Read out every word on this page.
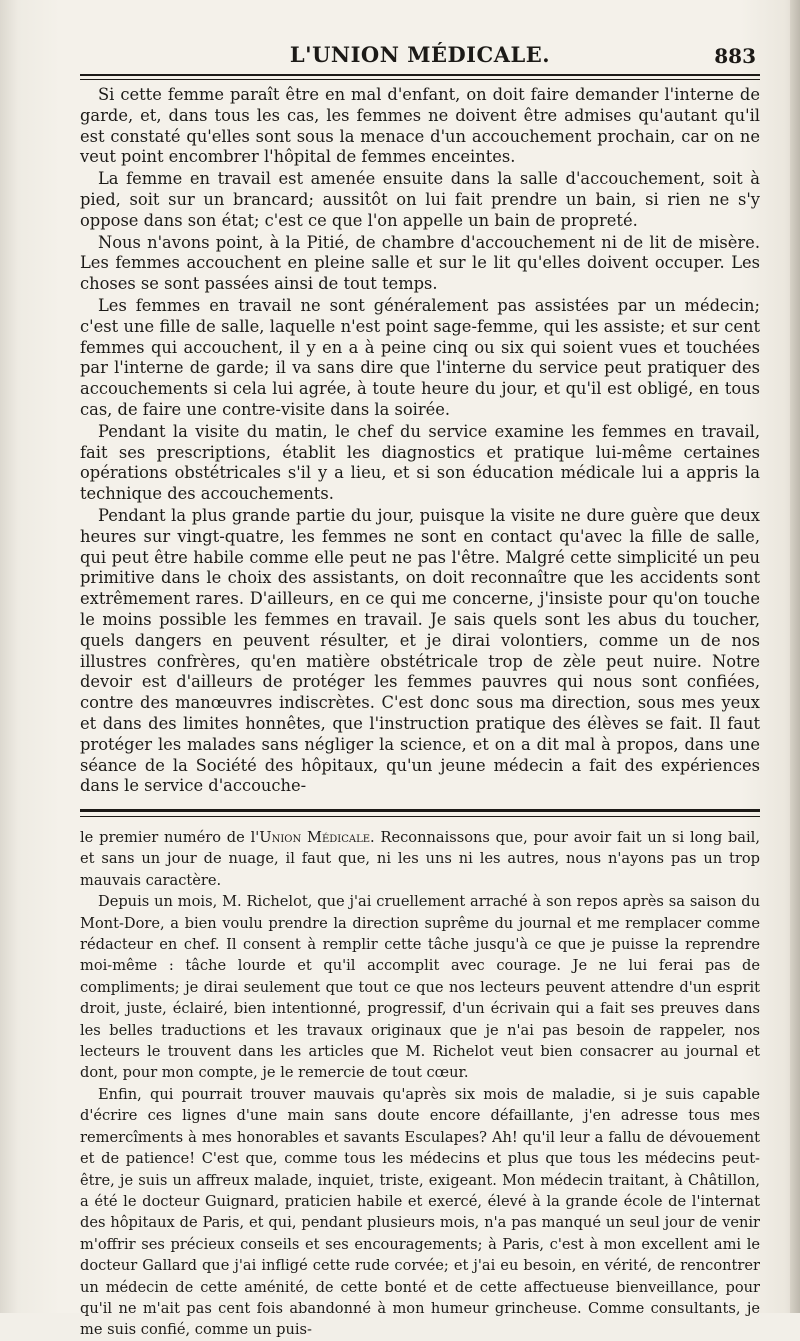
L'UNION MÉDICALE.	883

Si cette femme paraît être en mal d'enfant, on doit faire demander l'interne de garde, et, dans tous les cas, les femmes ne doivent être admises qu'autant qu'il est constaté qu'elles sont sous la menace d'un accouchement prochain, car on ne veut point encombrer l'hôpital de femmes enceintes.

La femme en travail est amenée ensuite dans la salle d'accouchement, soit à pied, soit sur un brancard; aussitôt on lui fait prendre un bain, si rien ne s'y oppose dans son état; c'est ce que l'on appelle un bain de propreté.

Nous n'avons point, à la Pitié, de chambre d'accouchement ni de lit de misère. Les femmes accouchent en pleine salle et sur le lit qu'elles doivent occuper. Les choses se sont passées ainsi de tout temps.

Les femmes en travail ne sont généralement pas assistées par un médecin; c'est une fille de salle, laquelle n'est point sage-femme, qui les assiste; et sur cent femmes qui accouchent, il y en a à peine cinq ou six qui soient vues et touchées par l'interne de garde; il va sans dire que l'interne du service peut pratiquer des accouchements si cela lui agrée, à toute heure du jour, et qu'il est obligé, en tous cas, de faire une contre-visite dans la soirée.

Pendant la visite du matin, le chef du service examine les femmes en travail, fait ses prescriptions, établit les diagnostics et pratique lui-même certaines opérations obstétricales s'il y a lieu, et si son éducation médicale lui a appris la technique des accouchements.

Pendant la plus grande partie du jour, puisque la visite ne dure guère que deux heures sur vingt-quatre, les femmes ne sont en contact qu'avec la fille de salle, qui peut être habile comme elle peut ne pas l'être. Malgré cette simplicité un peu primitive dans le choix des assistants, on doit reconnaître que les accidents sont extrêmement rares. D'ailleurs, en ce qui me concerne, j'insiste pour qu'on touche le moins possible les femmes en travail. Je sais quels sont les abus du toucher, quels dangers en peuvent résulter, et je dirai volontiers, comme un de nos illustres confrères, qu'en matière obstétricale trop de zèle peut nuire. Notre devoir est d'ailleurs de protéger les femmes pauvres qui nous sont confiées, contre des manœuvres indiscrètes. C'est donc sous ma direction, sous mes yeux et dans des limites honnêtes, que l'instruction pratique des élèves se fait. Il faut protéger les malades sans négliger la science, et on a dit mal à propos, dans une séance de la Société des hôpitaux, qu'un jeune médecin a fait des expériences dans le service d'accouche-

le premier numéro de l'Union Médicale. Reconnaissons que, pour avoir fait un si long bail, et sans un jour de nuage, il faut que, ni les uns ni les autres, nous n'ayons pas un trop mauvais caractère.

Depuis un mois, M. Richelot, que j'ai cruellement arraché à son repos après sa saison du Mont-Dore, a bien voulu prendre la direction suprême du journal et me remplacer comme rédacteur en chef. Il consent à remplir cette tâche jusqu'à ce que je puisse la reprendre moi-même : tâche lourde et qu'il accomplit avec courage. Je ne lui ferai pas de compliments; je dirai seulement que tout ce que nos lecteurs peuvent attendre d'un esprit droit, juste, éclairé, bien intentionné, progressif, d'un écrivain qui a fait ses preuves dans les belles traductions et les travaux originaux que je n'ai pas besoin de rappeler, nos lecteurs le trouvent dans les articles que M. Richelot veut bien consacrer au journal et dont, pour mon compte, je le remercie de tout cœur.

Enfin, qui pourrait trouver mauvais qu'après six mois de maladie, si je suis capable d'écrire ces lignes d'une main sans doute encore défaillante, j'en adresse tous mes remercîments à mes honorables et savants Esculapes? Ah! qu'il leur a fallu de dévouement et de patience! C'est que, comme tous les médecins et plus que tous les médecins peut-être, je suis un affreux malade, inquiet, triste, exigeant. Mon médecin traitant, à Châtillon, a été le docteur Guignard, praticien habile et exercé, élevé à la grande école de l'internat des hôpitaux de Paris, et qui, pendant plusieurs mois, n'a pas manqué un seul jour de venir m'offrir ses précieux conseils et ses encouragements; à Paris, c'est à mon excellent ami le docteur Gallard que j'ai infligé cette rude corvée; et j'ai eu besoin, en vérité, de rencontrer un médecin de cette aménité, de cette bonté et de cette affectueuse bienveillance, pour qu'il ne m'ait pas cent fois abandonné à mon humeur grincheuse. Comme consultants, je me suis confié, comme un puis-
